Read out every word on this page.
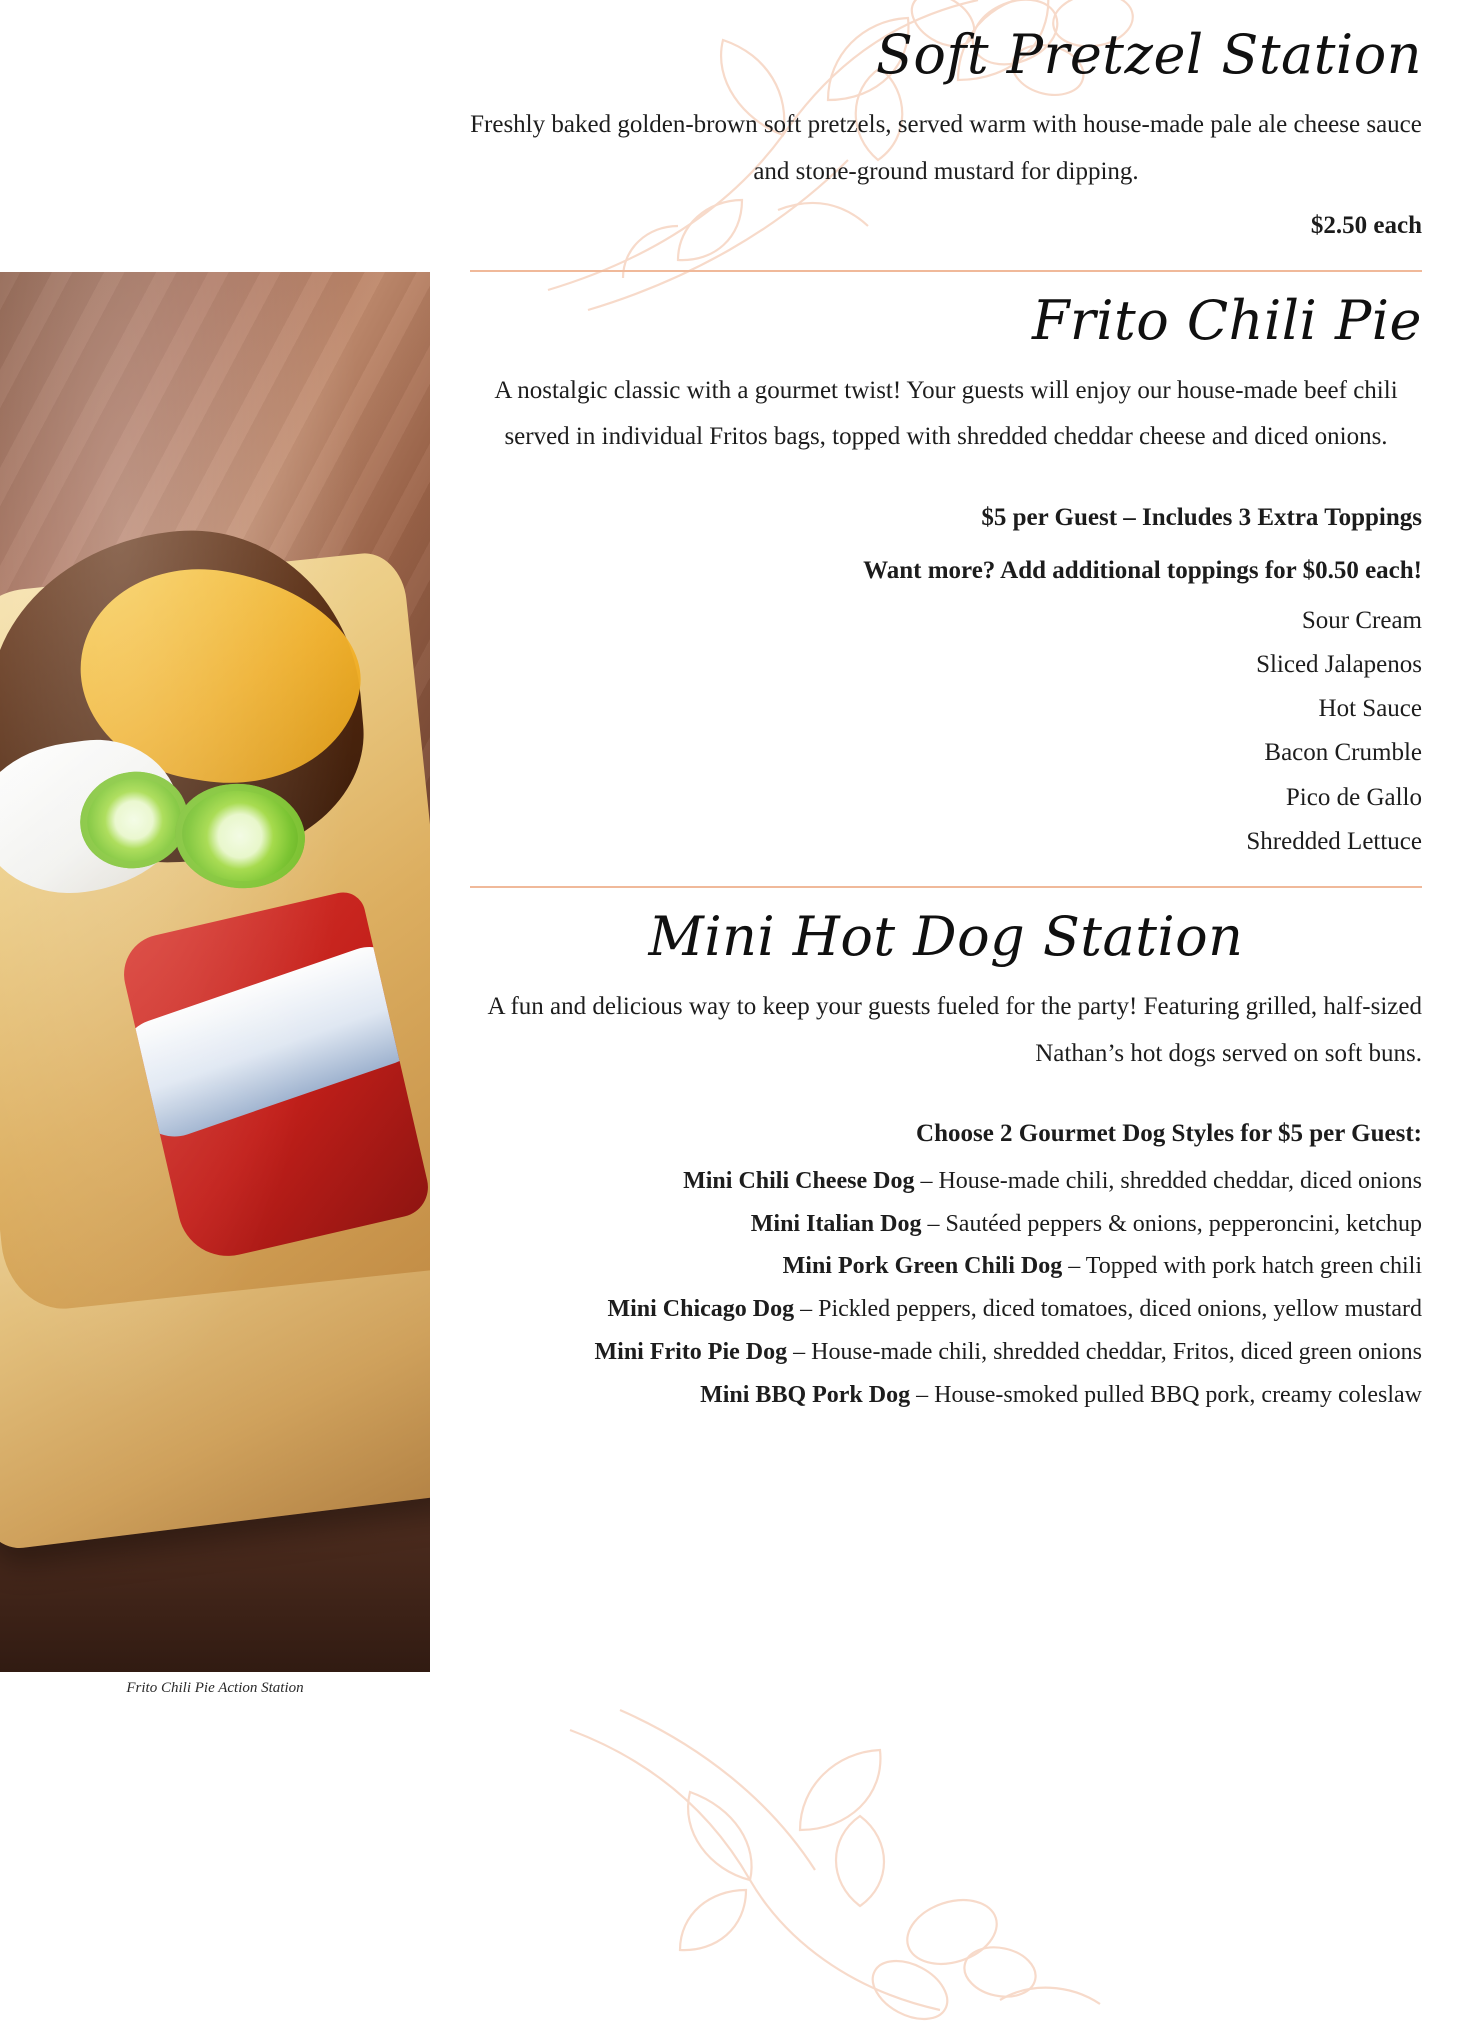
Frito Chili Pie Action Station
Soft Pretzel Station

Freshly baked golden-brown soft pretzels, served warm with house-made pale ale cheese sauce and stone-ground mustard for dipping.

$2.50 each

Frito Chili Pie

A nostalgic classic with a gourmet twist! Your guests will enjoy our house-made beef chili served in individual Fritos bags, topped with shredded cheddar cheese and diced onions.

$5 per Guest – Includes 3 Extra Toppings

Want more? Add additional toppings for $0.50 each!

Sour Cream
Sliced Jalapenos
Hot Sauce
Bacon Crumble
Pico de Gallo
Shredded Lettuce
Mini Hot Dog Station

A fun and delicious way to keep your guests fueled for the party! Featuring grilled, half-sized Nathan’s hot dogs served on soft buns.

Choose 2 Gourmet Dog Styles for $5 per Guest:

Mini Chili Cheese Dog – House-made chili, shredded cheddar, diced onions
Mini Italian Dog – Sautéed peppers & onions, pepperoncini, ketchup
Mini Pork Green Chili Dog – Topped with pork hatch green chili
Mini Chicago Dog – Pickled peppers, diced tomatoes, diced onions, yellow mustard
Mini Frito Pie Dog – House-made chili, shredded cheddar, Fritos, diced green onions
Mini BBQ Pork Dog – House-smoked pulled BBQ pork, creamy coleslaw
